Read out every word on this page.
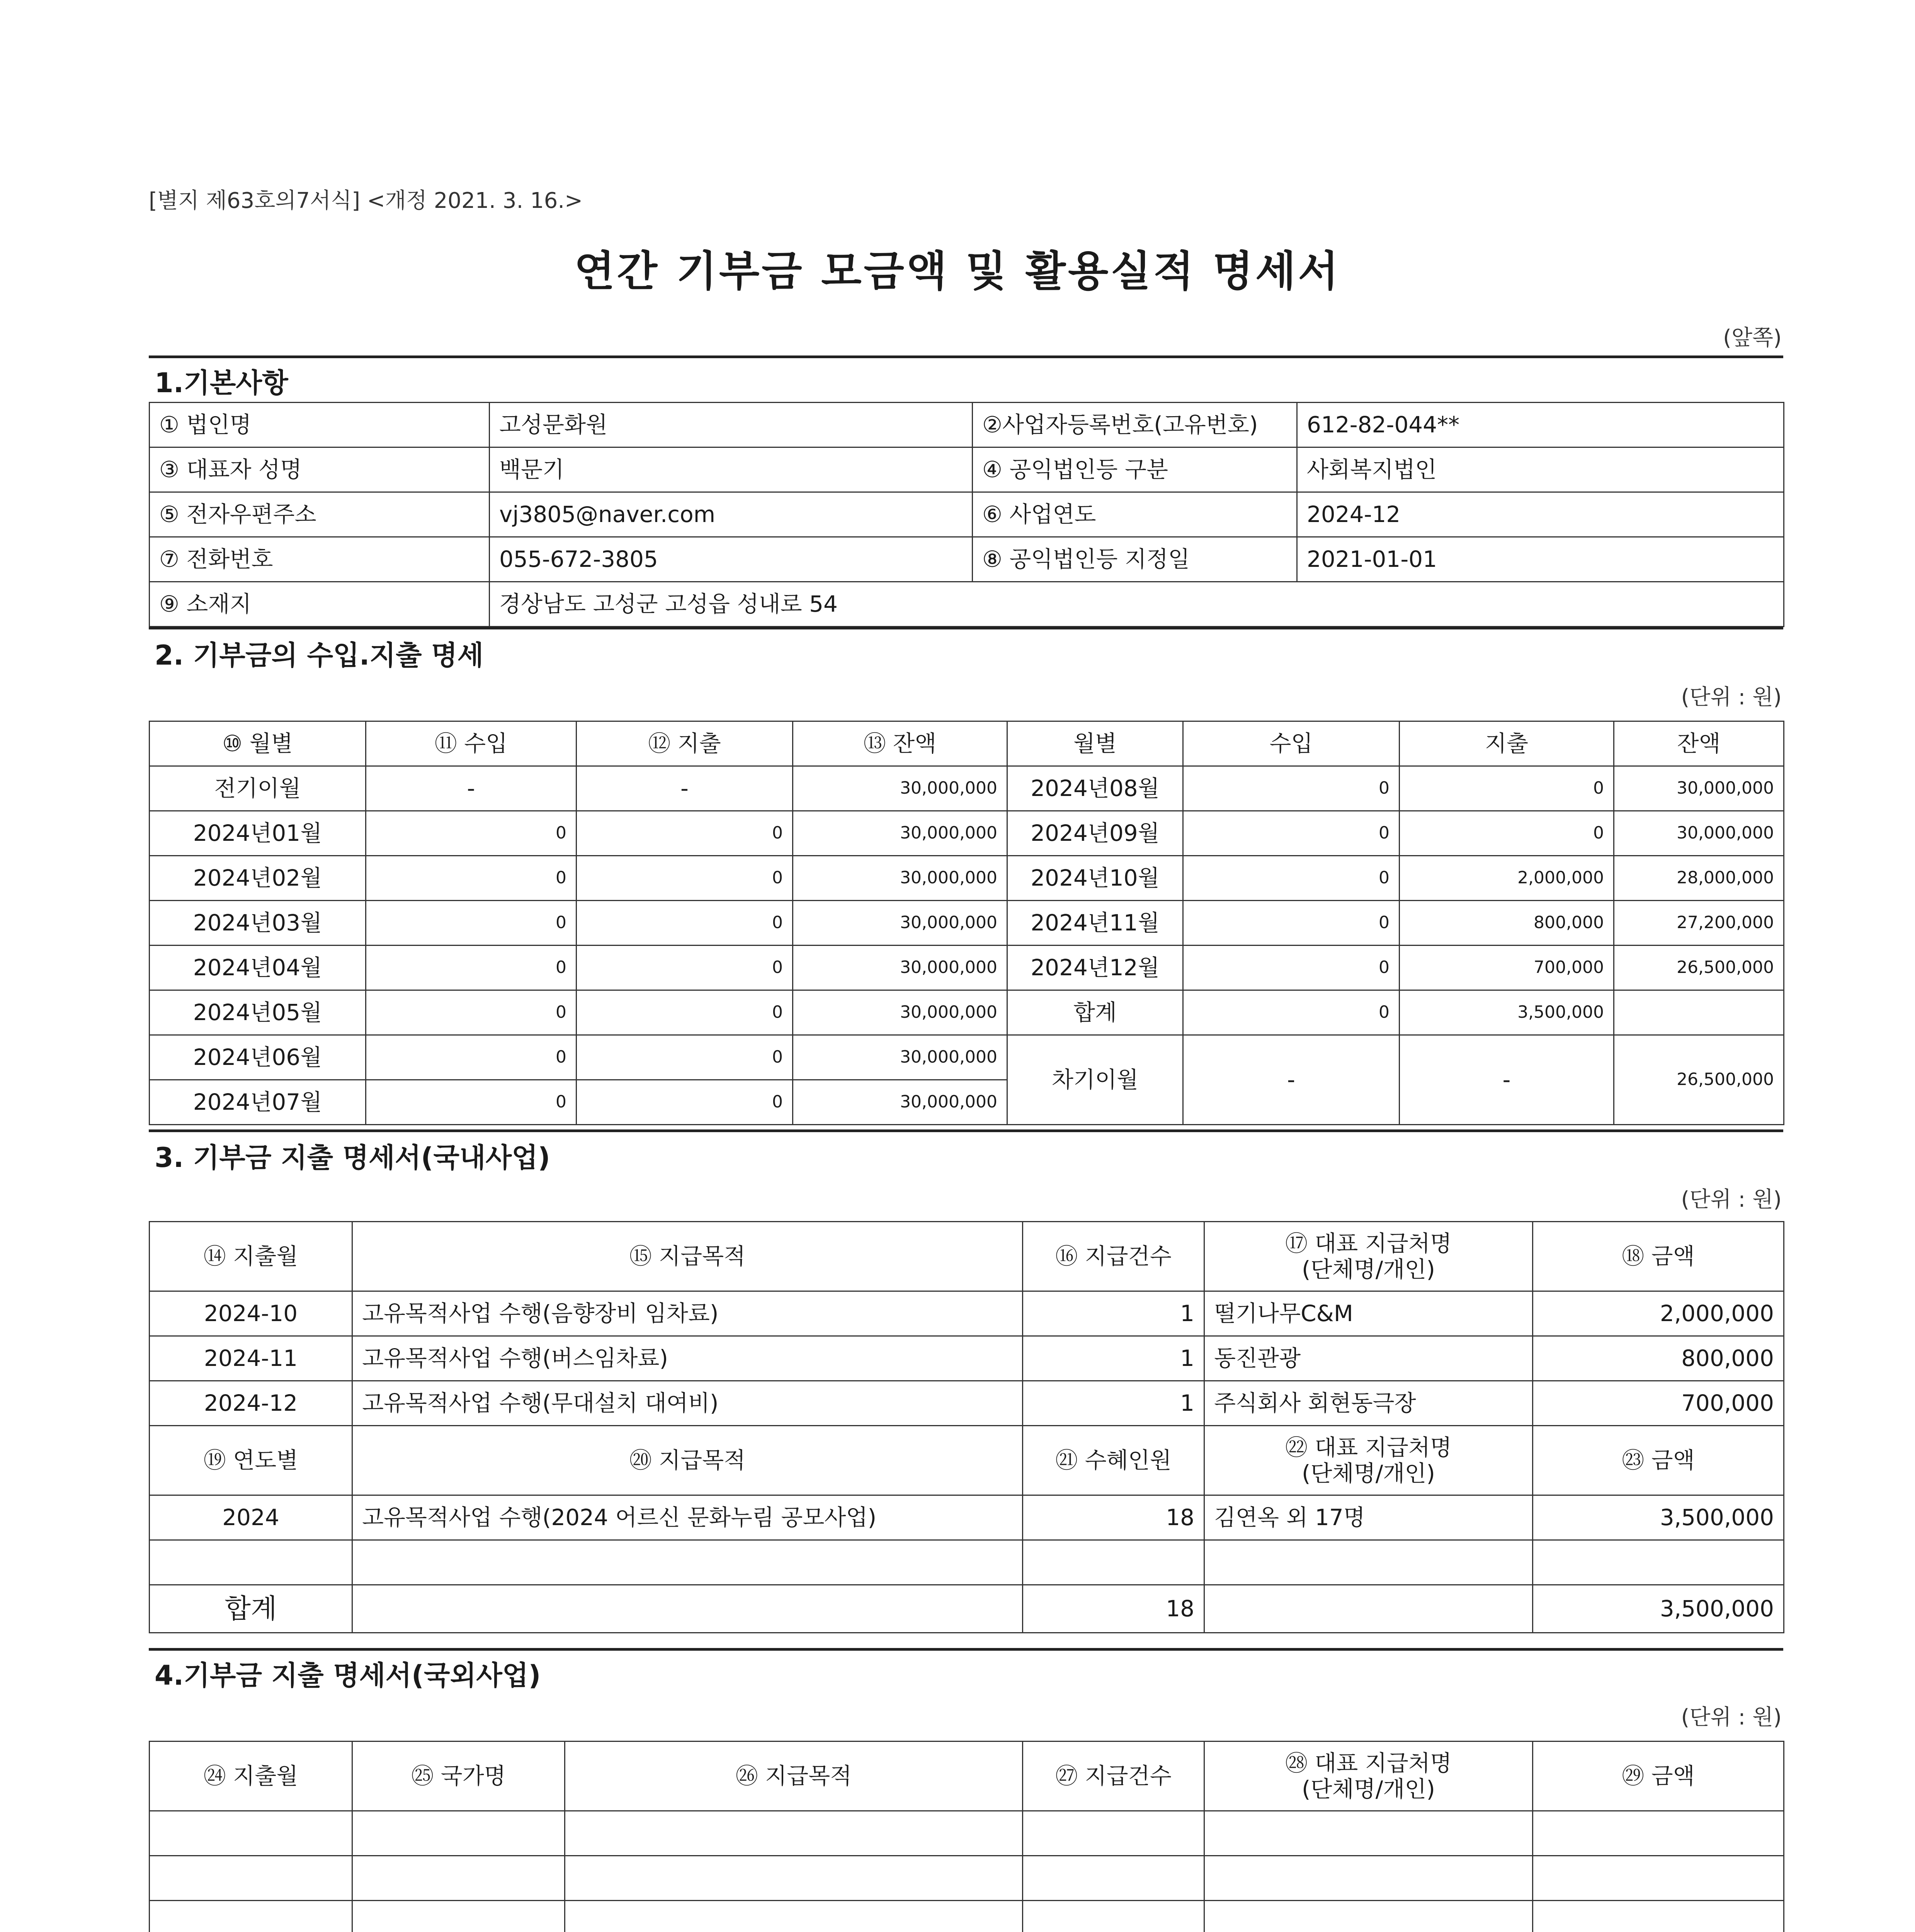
[별지 제63호의7서식] <개정 2021. 3. 16.>
연간 기부금 모금액 및 활용실적 명세서
(앞쪽)
1.기본사항
① 법인명	고성문화원	②사업자등록번호(고유번호)	612-82-044**
③ 대표자 성명	백문기	④ 공익법인등 구분	사회복지법인
⑤ 전자우편주소	vj3805@naver.com	⑥ 사업연도	2024-12
⑦ 전화번호	055-672-3805	⑧ 공익법인등 지정일	2021-01-01
⑨ 소재지	경상남도 고성군 고성읍 성내로 54		
2. 기부금의 수입.지출 명세
(단위 : 원)
⑩ 월별	⑪ 수입	⑫ 지출	⑬ 잔액	월별	수입	지출	잔액
전기이월	-	-	30,000,000	2024년08월	0	0	30,000,000
2024년01월	0	0	30,000,000	2024년09월	0	0	30,000,000
2024년02월	0	0	30,000,000	2024년10월	0	2,000,000	28,000,000
2024년03월	0	0	30,000,000	2024년11월	0	800,000	27,200,000
2024년04월	0	0	30,000,000	2024년12월	0	700,000	26,500,000
2024년05월	0	0	30,000,000	합계	0	3,500,000	
2024년06월	0	0	30,000,000	차기이월	-	-	26,500,000
2024년07월	0	0	30,000,000				
3. 기부금 지출 명세서(국내사업)
(단위 : 원)
⑭ 지출월	⑮ 지급목적	⑯ 지급건수	⑰ 대표 지급처명
(단체명/개인)	⑱ 금액
2024-10	고유목적사업 수행(음향장비 임차료)	1	떨기나무C&M	2,000,000
2024-11	고유목적사업 수행(버스임차료)	1	동진관광	800,000
2024-12	고유목적사업 수행(무대설치 대여비)	1	주식회사 회현동극장	700,000
⑲ 연도별	⑳ 지급목적	㉑ 수혜인원	㉒ 대표 지급처명
(단체명/개인)	㉓ 금액
2024	고유목적사업 수행(2024 어르신 문화누림 공모사업)	18	김연옥 외 17명	3,500,000

합계		18		3,500,000
4.기부금 지출 명세서(국외사업)
(단위 : 원)
㉔ 지출월	㉕ 국가명	㉖ 지급목적	㉗ 지급건수	㉘ 대표 지급처명
(단체명/개인)	㉙ 금액
